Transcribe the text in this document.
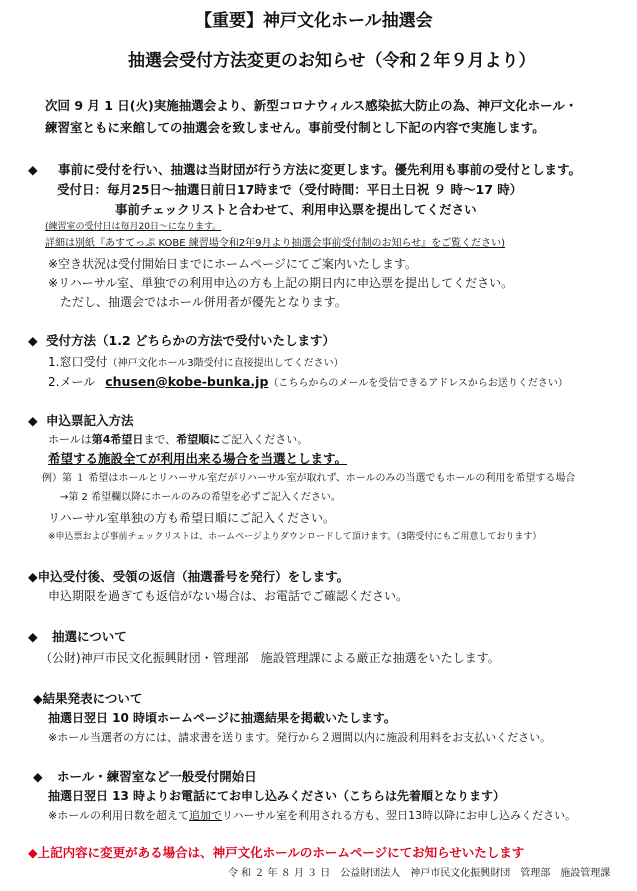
【重要】神戸文化ホール抽選会
抽選会受付方法変更のお知らせ（令和２年９月より）
次回 9 月 1 日(火)実施抽選会より、新型コロナウィルス感染拡大防止の為、神戸文化ホール・
練習室ともに来館しての抽選会を致しません。事前受付制とし下記の内容で実施します。
◆ 事前に受付を行い、抽選は当財団が行う方法に変更します。優先利用も事前の受付とします。
受付日：毎月25日～抽選日前日17時まで（受付時間：平日土日祝 ９ 時～17 時）
事前チェックリストと合わせて、利用申込票を提出してください
(練習室の受付日は毎月20日～になります。
詳細は別紙『あすてっぷ KOBE 練習場令和2年9月より抽選会事前受付制のお知らせ』をご覧ください)
※空き状況は受付開始日までにホームページにてご案内いたします。
※リハーサル室、単独での利用申込の方も上記の期日内に申込票を提出してください。
ただし、抽選会ではホール併用者が優先となります。
◆ 受付方法（1.2 どちらかの方法で受付いたします）
1.窓口受付（神戸文化ホール3階受付に直接提出してください）
2.メール chusen@kobe-bunka.jp（こちらからのメールを受信できるアドレスからお送りください）
◆ 申込票記入方法
ホールは第4希望日まで、希望順にご記入ください。
希望する施設全てが利用出来る場合を当選とします。
例）第 １ 希望はホールとリハーサル室だがリハーサル室が取れず、ホールのみの当選でもホールの利用を希望する場合
→第 2 希望欄以降にホールのみの希望を必ずご記入ください。
リハーサル室単独の方も希望日順にご記入ください。
※申込票および事前チェックリストは、ホームページよりダウンロードして頂けます。（3階受付にもご用意しております）
◆申込受付後、受領の返信（抽選番号を発行）をします。
申込期限を過ぎても返信がない場合は、お電話でご確認ください。
◆ 抽選について
（公財)神戸市民文化振興財団・管理部　施設管理課による厳正な抽選をいたします。
◆結果発表について
抽選日翌日 10 時頃ホームページに抽選結果を掲載いたします。
※ホール当選者の方には、請求書を送ります。発行から２週間以内に施設利用料をお支払いください。
◆ ホール・練習室など一般受付開始日
抽選日翌日 13 時よりお電話にてお申し込みください（こちらは先着順となります）
※ホールの利用日数を超えて追加でリハーサル室を利用される方も、翌日13時以降にお申し込みください。
◆上記内容に変更がある場合は、神戸文化ホールのホームページにてお知らせいたします
令 和 ２ 年 ８ 月 ３ 日　公益財団法人　神戸市民文化振興財団　管理部　施設管理課
